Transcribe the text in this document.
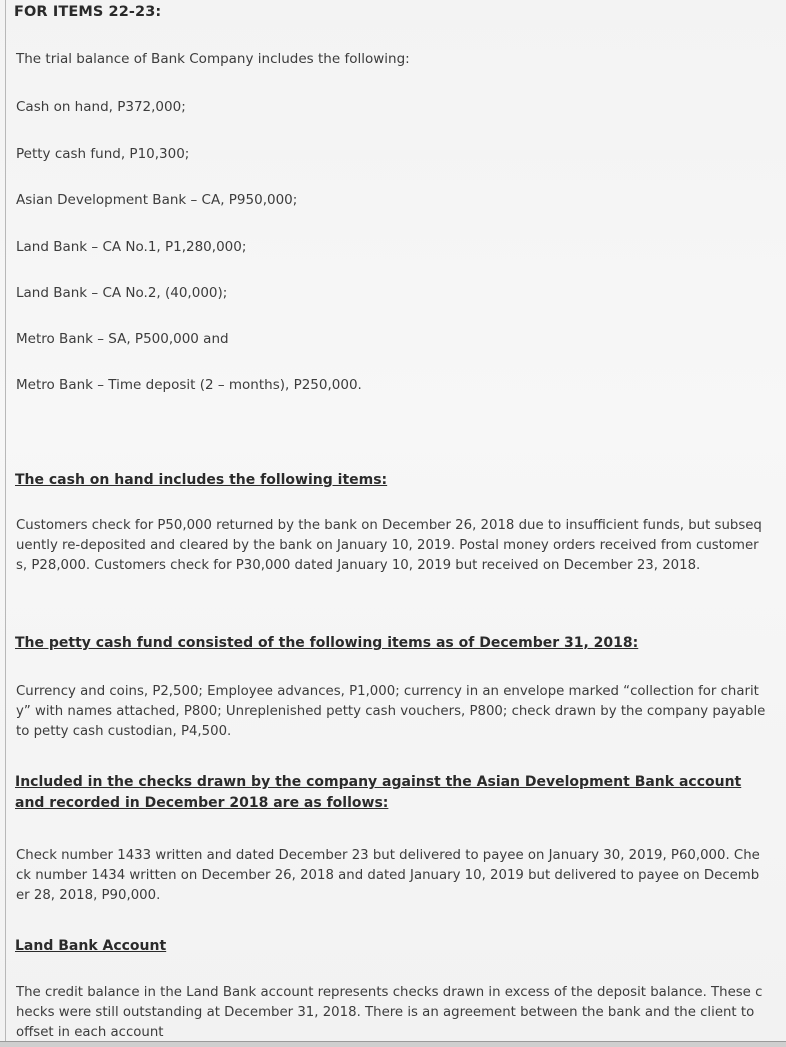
FOR ITEMS 22-23:
The trial balance of Bank Company includes the following:
Cash on hand, P372,000;
Petty cash fund, P10,300;
Asian Development Bank – CA, P950,000;
Land Bank – CA No.1, P1,280,000;
Land Bank – CA No.2, (40,000);
Metro Bank – SA, P500,000 and
Metro Bank – Time deposit (2 – months), P250,000.
The cash on hand includes the following items:
Customers check for P50,000 returned by the bank on December 26, 2018 due to insufficient funds, but subsequently re-deposited and cleared by the bank on January 10, 2019. Postal money orders received from customers, P28,000. Customers check for P30,000 dated January 10, 2019 but received on December 23, 2018.
The petty cash fund consisted of the following items as of December 31, 2018:
Currency and coins, P2,500; Employee advances, P1,000; currency in an envelope marked “collection for charity” with names attached, P800; Unreplenished petty cash vouchers, P800; check drawn by the company payable to petty cash custodian, P4,500.
Included in the checks drawn by the company against the Asian Development Bank account and recorded in December 2018 are as follows:
Check number 1433 written and dated December 23 but delivered to payee on January 30, 2019, P60,000. Check number 1434 written on December 26, 2018 and dated January 10, 2019 but delivered to payee on December 28, 2018, P90,000.
Land Bank Account
The credit balance in the Land Bank account represents checks drawn in excess of the deposit balance. These checks were still outstanding at December 31, 2018. There is an agreement between the bank and the client to offset in each account
